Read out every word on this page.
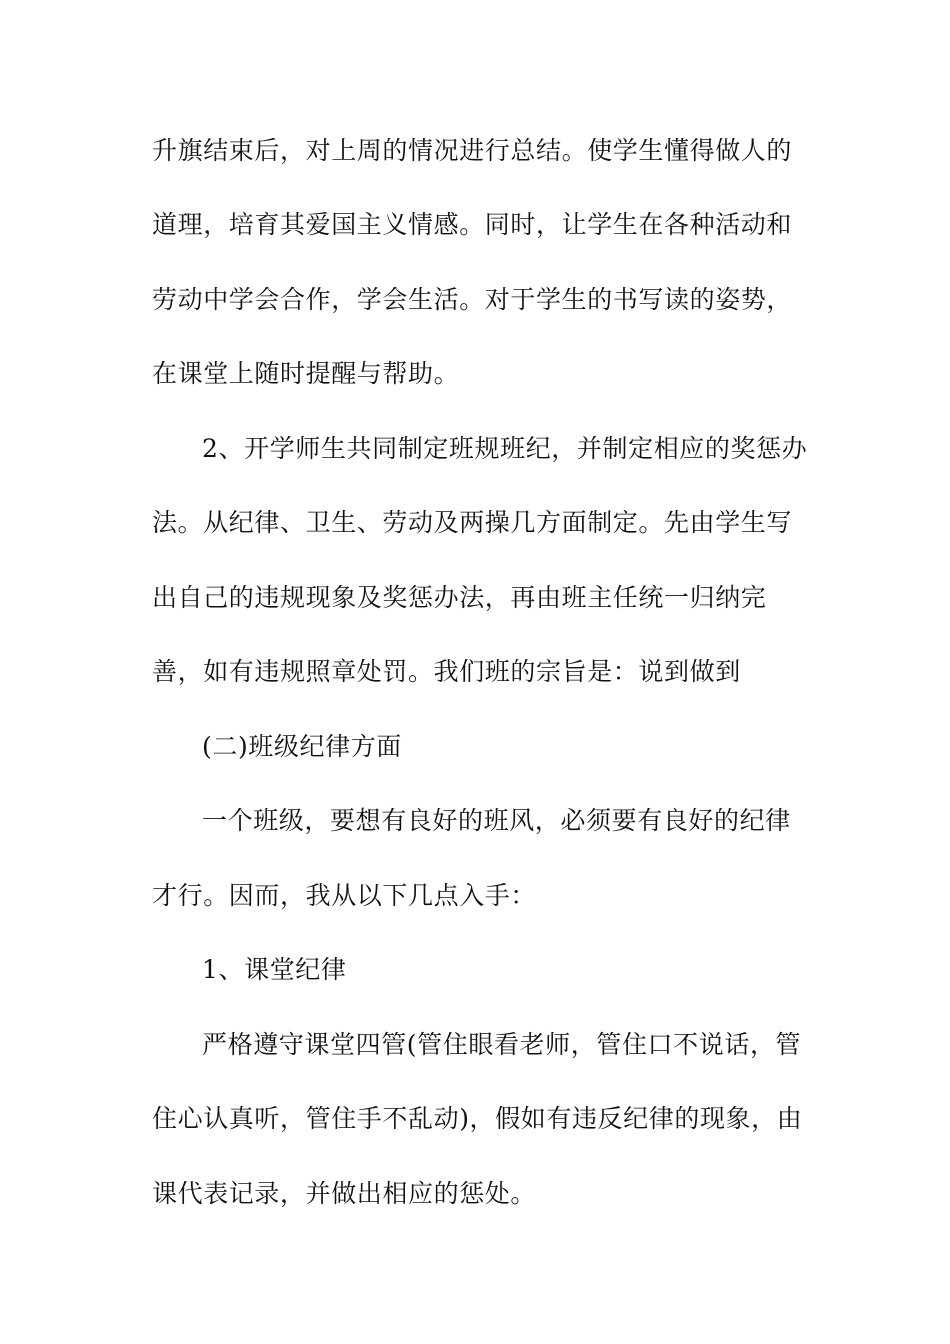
升旗结束后，对上周的情况进行总结。使学生懂得做人的
道理，培育其爱国主义情感。同时，让学生在各种活动和
劳动中学会合作，学会生活。对于学生的书写读的姿势，
在课堂上随时提醒与帮助。
2、开学师生共同制定班规班纪，并制定相应的奖惩办
法。从纪律、卫生、劳动及两操几方面制定。先由学生写
出自己的违规现象及奖惩办法，再由班主任统一归纳完
善，如有违规照章处罚。我们班的宗旨是：说到做到
(二)班级纪律方面
一个班级，要想有良好的班风，必须要有良好的纪律
才行。因而，我从以下几点入手：
1、课堂纪律
严格遵守课堂四管(管住眼看老师，管住口不说话，管
住心认真听，管住手不乱动)，假如有违反纪律的现象，由
课代表记录，并做出相应的惩处。
